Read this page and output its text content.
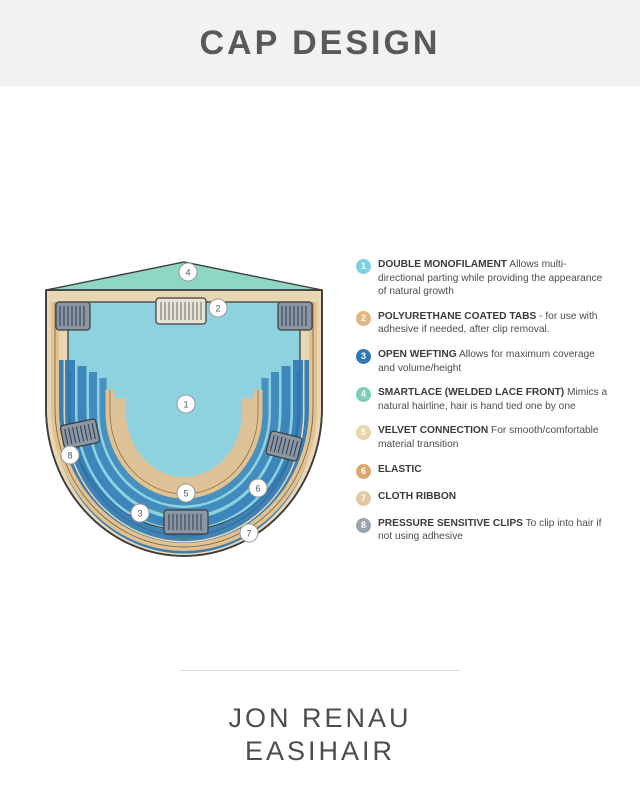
CAP DESIGN
1
2
3
4
5	6
7
8
1	DOUBLE MONOFILAMENT Allows multi-directional parting while providing the appearance of natural growth
2	POLYURETHANE COATED TABS - for use with adhesive if needed, after clip removal.
3	OPEN WEFTING Allows for maximum coverage and volume/height
4	SMARTLACE (WELDED LACE FRONT) Mimics a natural hairline, hair is hand tied one by one
5	VELVET CONNECTION For smooth/comfortable material transition
6	ELASTIC
7	CLOTH RIBBON
8	PRESSURE SENSITIVE CLIPS To clip into hair if not using adhesive
JON RENAU
EASIHAIR
